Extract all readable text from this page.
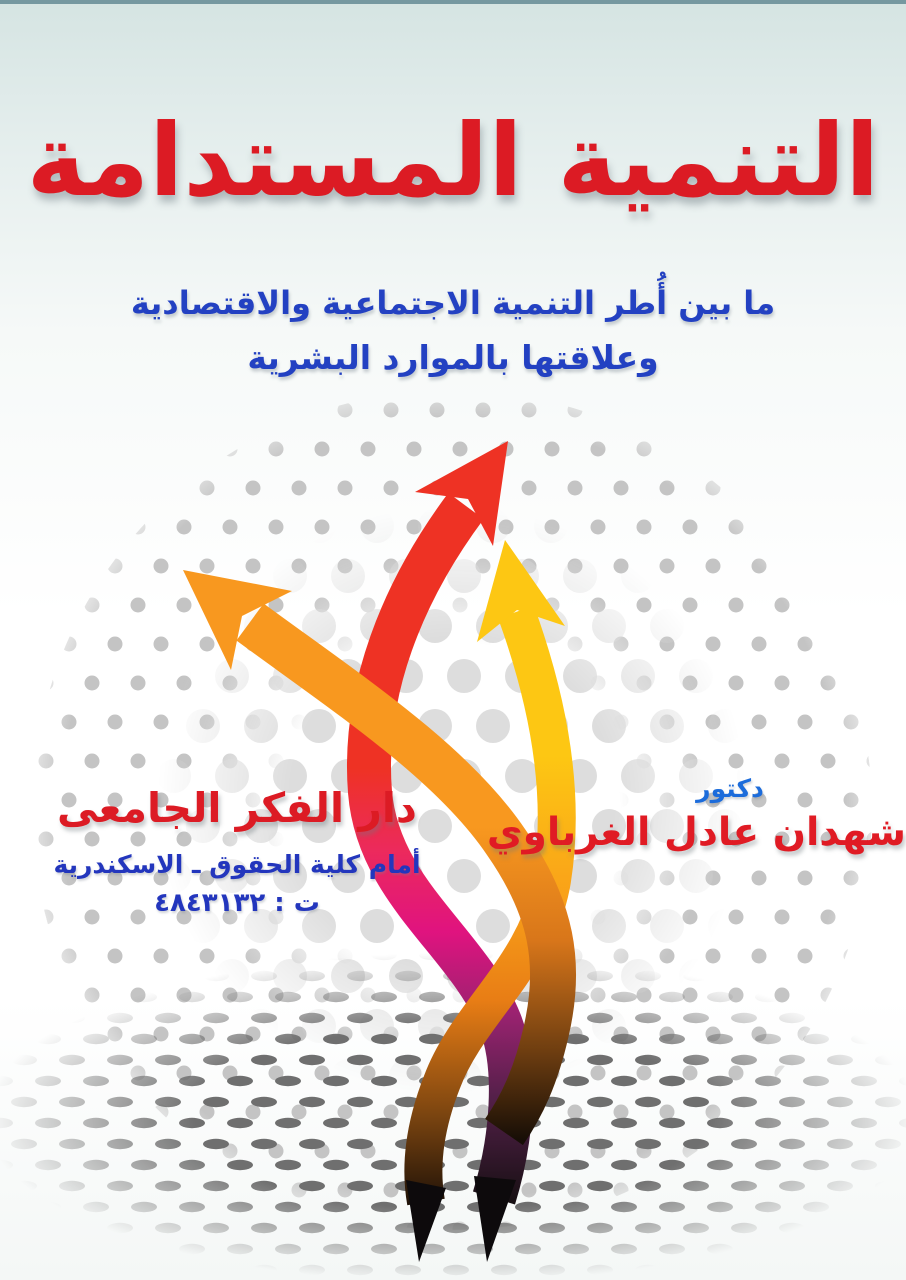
التنمية المستدامة
ما بين أُطر التنمية الاجتماعية والاقتصادية
وعلاقتها بالموارد البشرية
دكتور
شهدان عادل الغرباوي
دار الفكر الجامعى
أمام كلية الحقوق ـ الاسكندرية
ت : ٤٨٤٣١٣٢
